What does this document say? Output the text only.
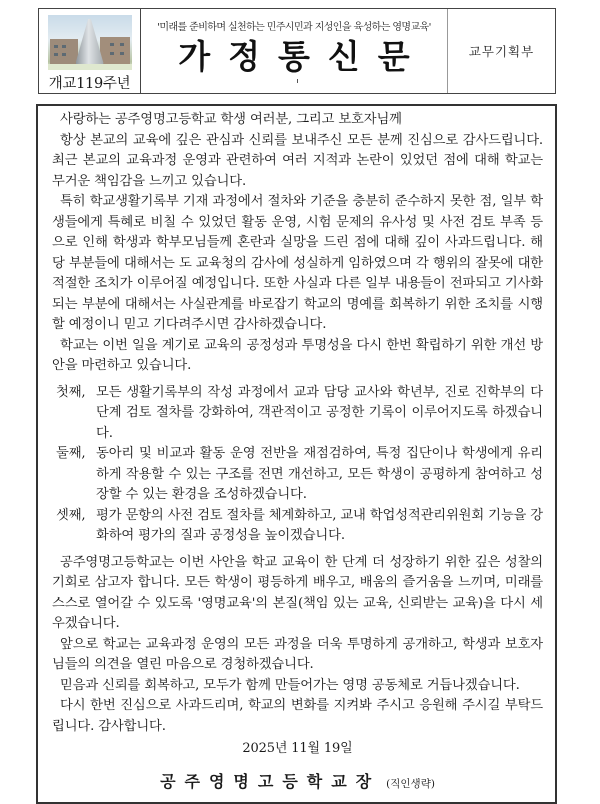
개교119주년
'미래를 준비하며 실천하는 민주시민과 지성인을 육성하는 영명교육'
가정통신문	교무기획부

사랑하는 공주영명고등학교 학생 여러분, 그리고 보호자님께

항상 본교의 교육에 깊은 관심과 신뢰를 보내주신 모든 분께 진심으로 감사드립니다. 최근 본교의 교육과정 운영과 관련하여 여러 지적과 논란이 있었던 점에 대해 학교는 무거운 책임감을 느끼고 있습니다.

특히 학교생활기록부 기재 과정에서 절차와 기준을 충분히 준수하지 못한 점, 일부 학생들에게 특혜로 비칠 수 있었던 활동 운영, 시험 문제의 유사성 및 사전 검토 부족 등으로 인해 학생과 학부모님들께 혼란과 실망을 드린 점에 대해 깊이 사과드립니다. 해당 부분들에 대해서는 도 교육청의 감사에 성실하게 임하였으며 각 행위의 잘못에 대한 적절한 조치가 이루어질 예정입니다. 또한 사실과 다른 일부 내용들이 전파되고 기사화되는 부분에 대해서는 사실관계를 바로잡기 학교의 명예를 회복하기 위한 조치를 시행할 예정이니 믿고 기다려주시면 감사하겠습니다.

학교는 이번 일을 계기로 교육의 공정성과 투명성을 다시 한번 확립하기 위한 개선 방안을 마련하고 있습니다.

첫째, 모든 생활기록부의 작성 과정에서 교과 담당 교사와 학년부, 진로 진학부의 다단계 검토 절차를 강화하여, 객관적이고 공정한 기록이 이루어지도록 하겠습니다.
둘째, 동아리 및 비교과 활동 운영 전반을 재점검하여, 특정 집단이나 학생에게 유리하게 작용할 수 있는 구조를 전면 개선하고, 모든 학생이 공평하게 참여하고 성장할 수 있는 환경을 조성하겠습니다.
셋째, 평가 문항의 사전 검토 절차를 체계화하고, 교내 학업성적관리위원회 기능을 강화하여 평가의 질과 공정성을 높이겠습니다.

공주영명고등학교는 이번 사안을 학교 교육이 한 단계 더 성장하기 위한 깊은 성찰의 기회로 삼고자 합니다. 모든 학생이 평등하게 배우고, 배움의 즐거움을 느끼며, 미래를 스스로 열어갈 수 있도록 '영명교육'의 본질(책임 있는 교육, 신뢰받는 교육)을 다시 세우겠습니다.

앞으로 학교는 교육과정 운영의 모든 과정을 더욱 투명하게 공개하고, 학생과 보호자님들의 의견을 열린 마음으로 경청하겠습니다.

믿음과 신뢰를 회복하고, 모두가 함께 만들어가는 영명 공동체로 거듭나겠습니다.

다시 한번 진심으로 사과드리며, 학교의 변화를 지켜봐 주시고 응원해 주시길 부탁드립니다. 감사합니다.

2025년 11월 19일

공주영명고등학교장 (직인생략)
